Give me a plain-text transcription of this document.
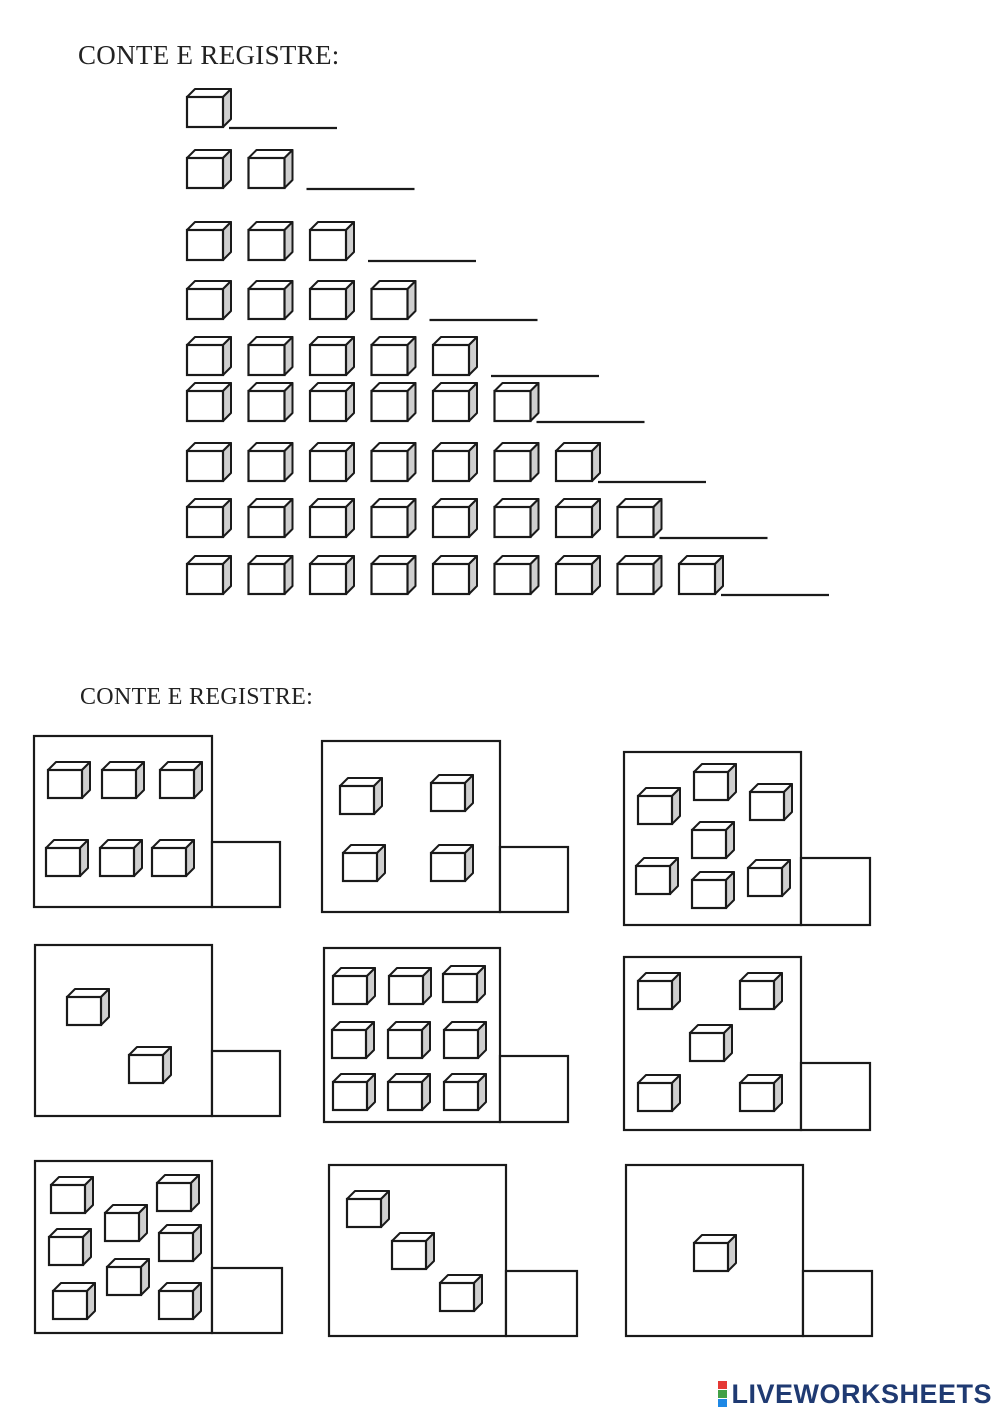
CONTE E REGISTRE:
CONTE E REGISTRE:
LIVEWORKSHEETS
